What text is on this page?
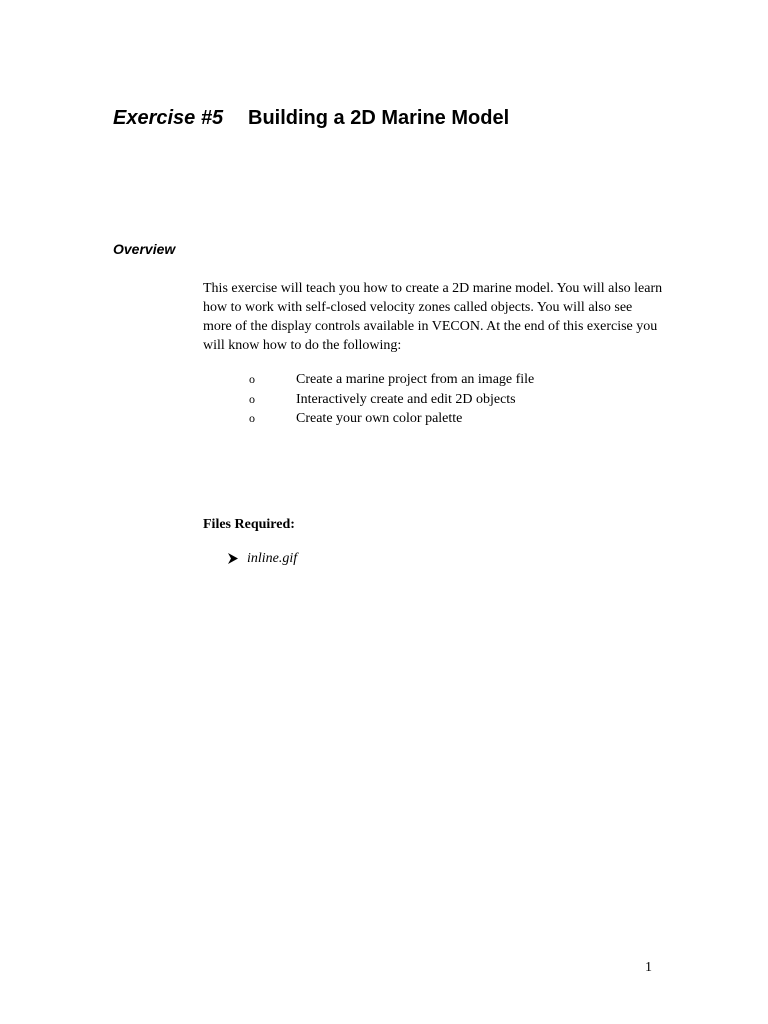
Exercise #5	Building a 2D Marine Model
Overview

This exercise will teach you how to create a 2D marine model. You will also learn how to work with self-closed velocity zones called objects. You will also see more of the display controls available in VECON. At the end of this exercise you will know how to do the following:

o	Create a marine project from an image file
o	Interactively create and edit 2D objects
o	Create your own color palette
Files Required:
inline.gif
1
